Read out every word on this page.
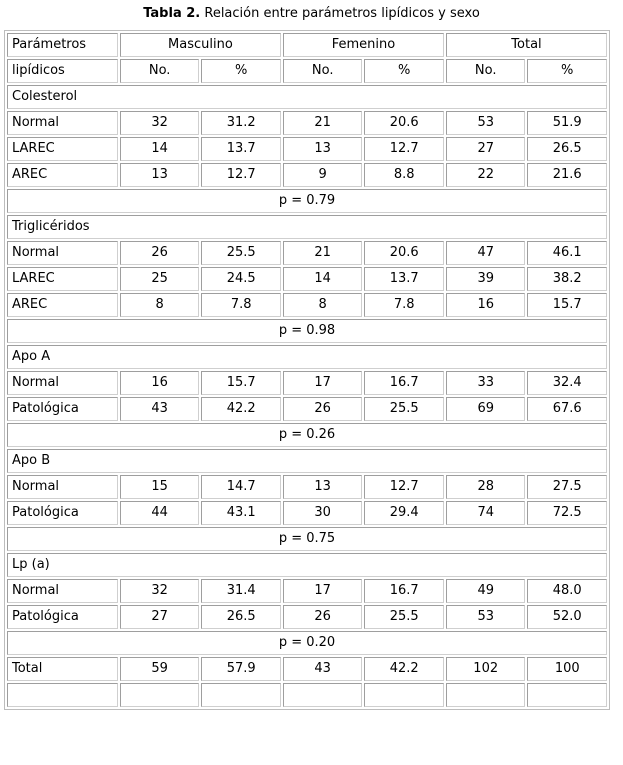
Tabla 2. Relación entre parámetros lipídicos y sexo
Parámetros	Masculino		Femenino		Total	
lipídicos	No.	%	No.	%	No.	%
Colesterol						
Normal	32	31.2	21	20.6	53	51.9
LAREC	14	13.7	13	12.7	27	26.5
AREC	13	12.7	9	8.8	22	21.6
p = 0.79						
Triglicéridos						
Normal	26	25.5	21	20.6	47	46.1
LAREC	25	24.5	14	13.7	39	38.2
AREC	8	7.8	8	7.8	16	15.7
p = 0.98						
Apo A						
Normal	16	15.7	17	16.7	33	32.4
Patológica	43	42.2	26	25.5	69	67.6
p = 0.26						
Apo B						
Normal	15	14.7	13	12.7	28	27.5
Patológica	44	43.1	30	29.4	74	72.5
p = 0.75						
Lp (a)						
Normal	32	31.4	17	16.7	49	48.0
Patológica	27	26.5	26	25.5	53	52.0
p = 0.20						
Total	59	57.9	43	42.2	102	100
